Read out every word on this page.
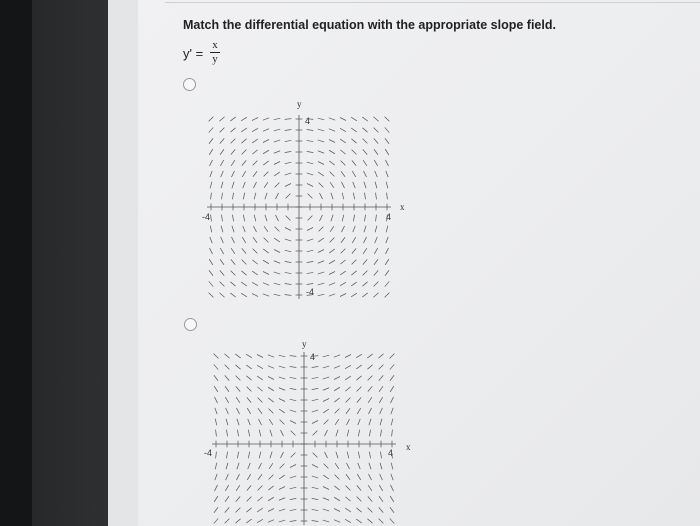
Match the differential equation with the appropriate slope field.
y' =
x
y
y
x
4
-4
-4	4
y
x
4
-4	4
